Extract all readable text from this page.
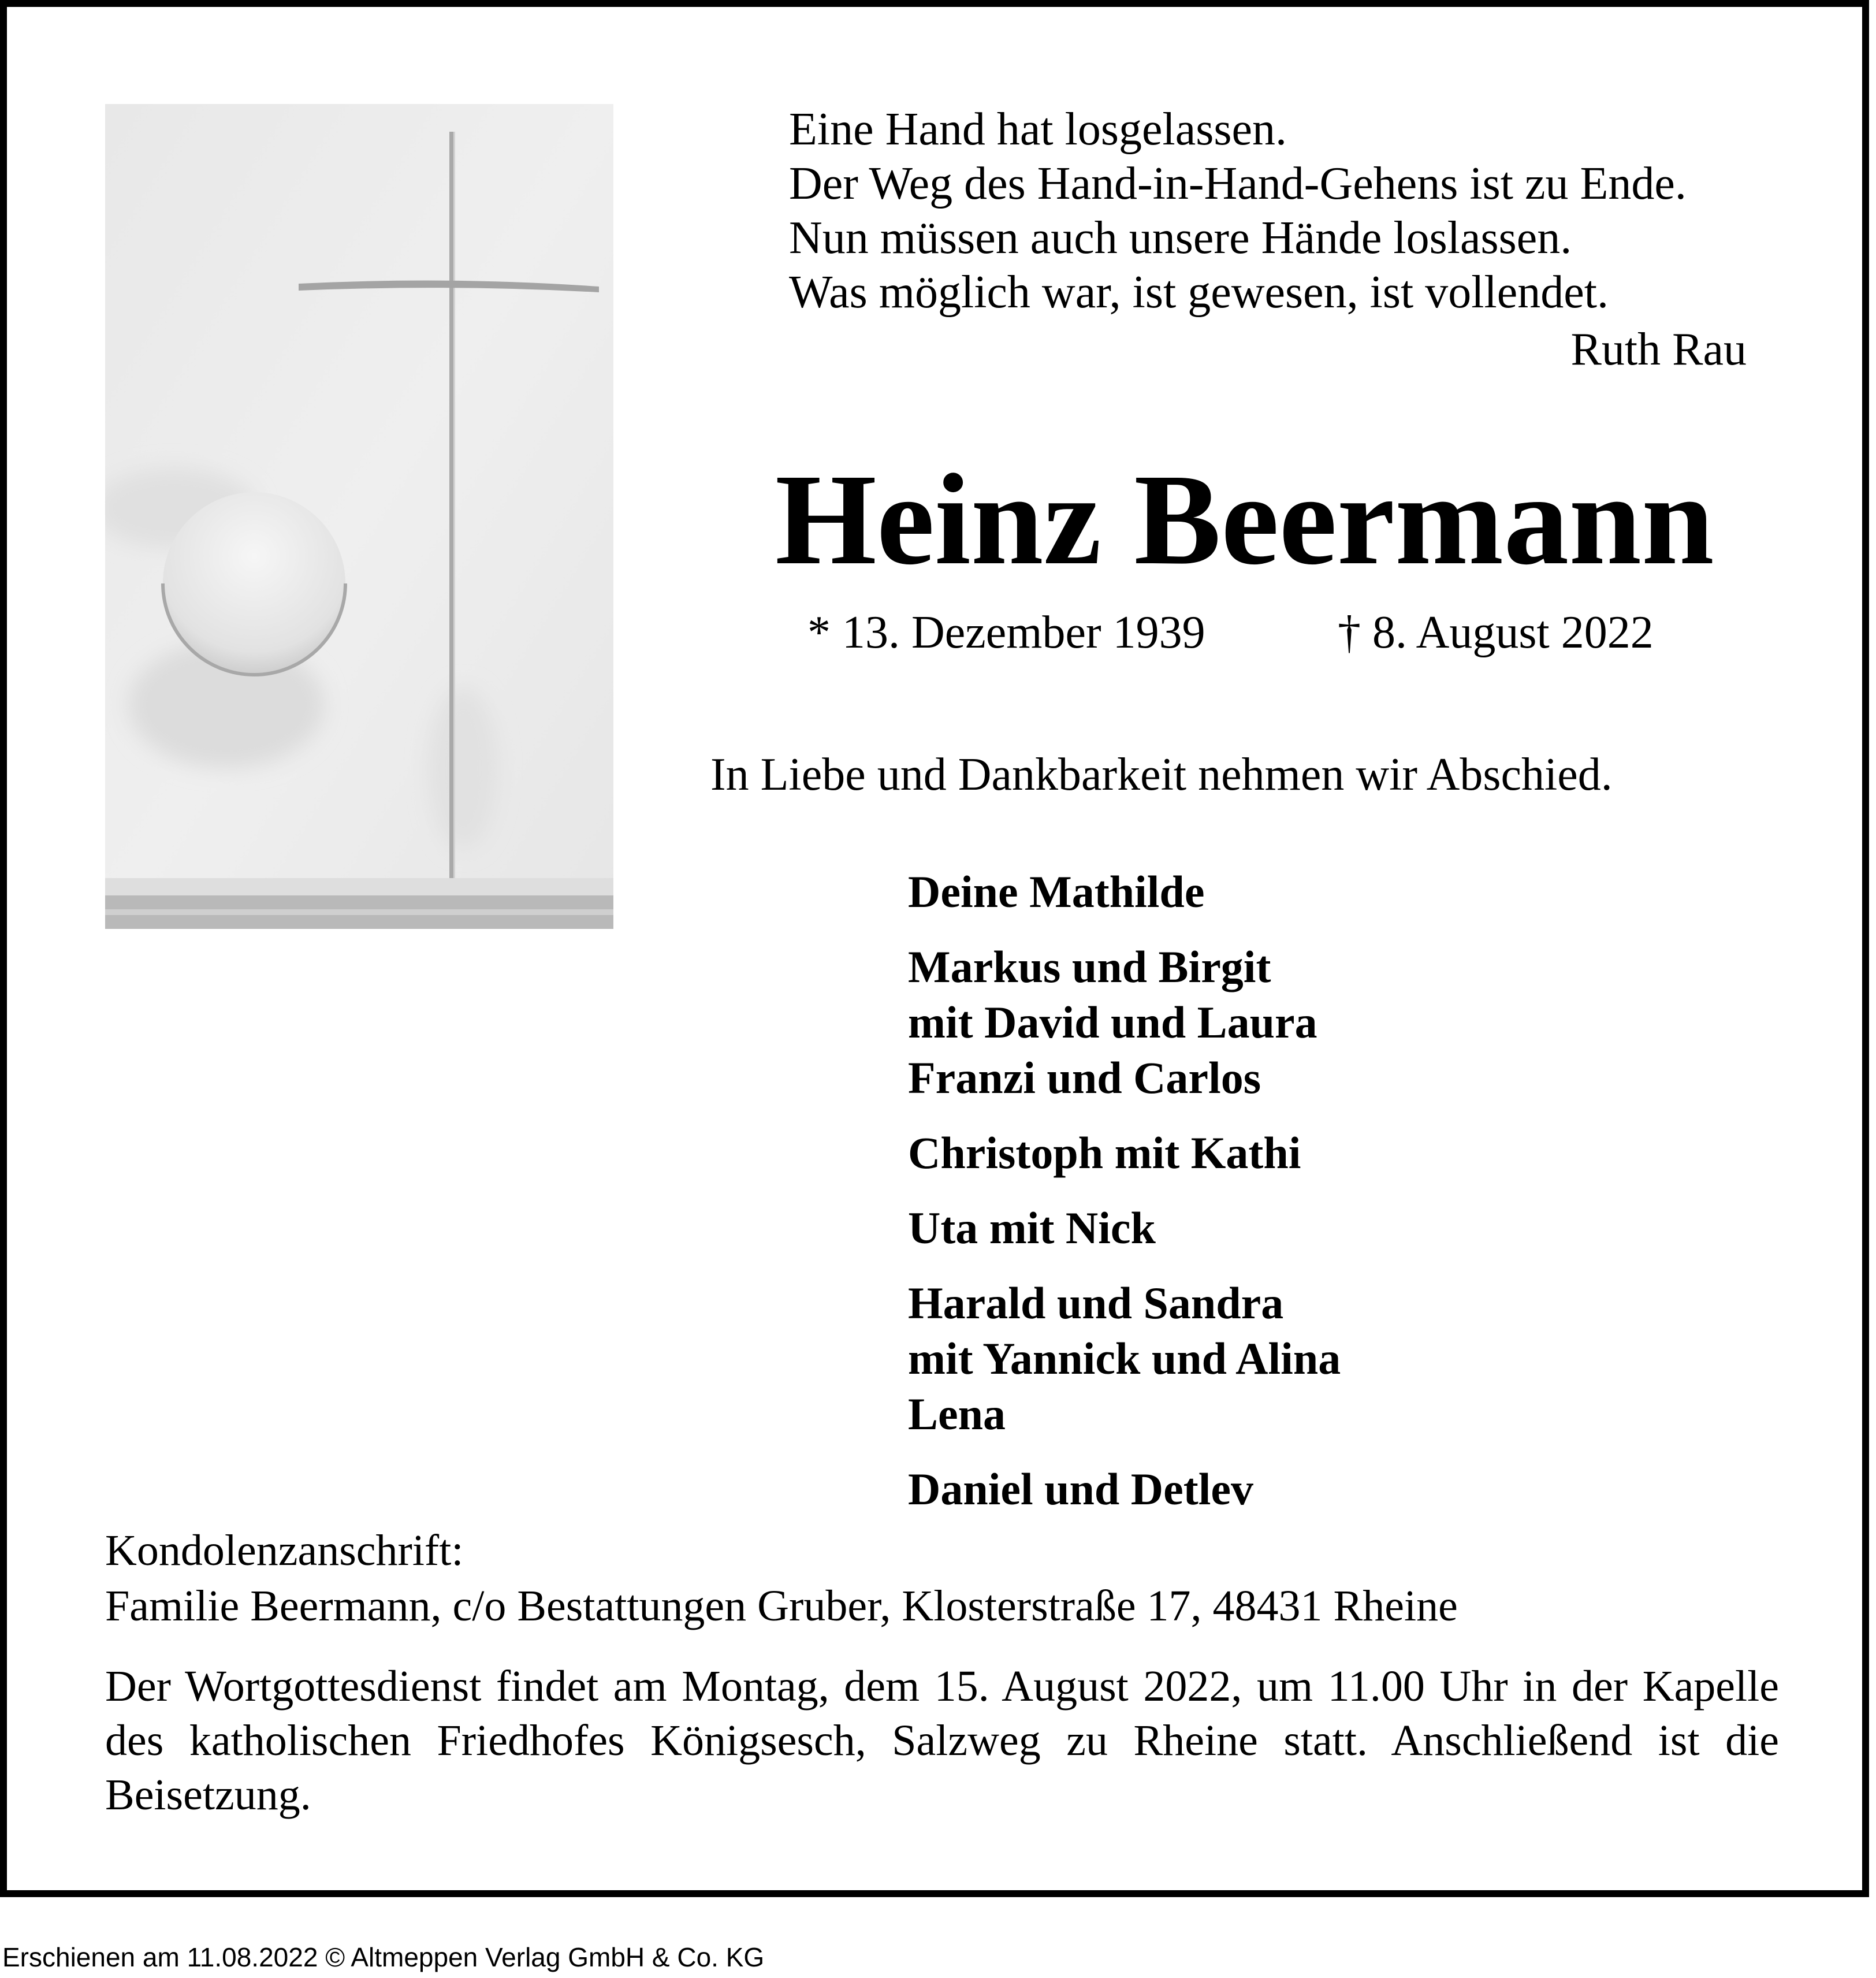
Eine Hand hat losgelassen.
Der Weg des Hand-in-Hand-Gehens ist zu Ende.
Nun müssen auch unsere Hände loslassen.
Was möglich war, ist gewesen, ist vollendet.
Ruth Rau
Heinz Beermann
* 13. Dezember 1939	† 8. August 2022
In Liebe und Dankbarkeit nehmen wir Abschied.
Deine Mathilde
Markus und Birgit
mit David und Laura
Franzi und Carlos
Christoph mit Kathi
Uta mit Nick
Harald und Sandra
mit Yannick und Alina
Lena
Daniel und Detlev
Kondolenzanschrift:
Familie Beermann, c/o Bestattungen Gruber, Klosterstraße 17, 48431 Rheine
Der Wortgottesdienst findet am Montag, dem 15. August 2022, um 11.00 Uhr in der Kapelle des katholischen Friedhofes Königsesch, Salzweg zu Rheine statt. Anschließend ist die Beisetzung.
Erschienen am 11.08.2022 © Altmeppen Verlag GmbH & Co. KG
